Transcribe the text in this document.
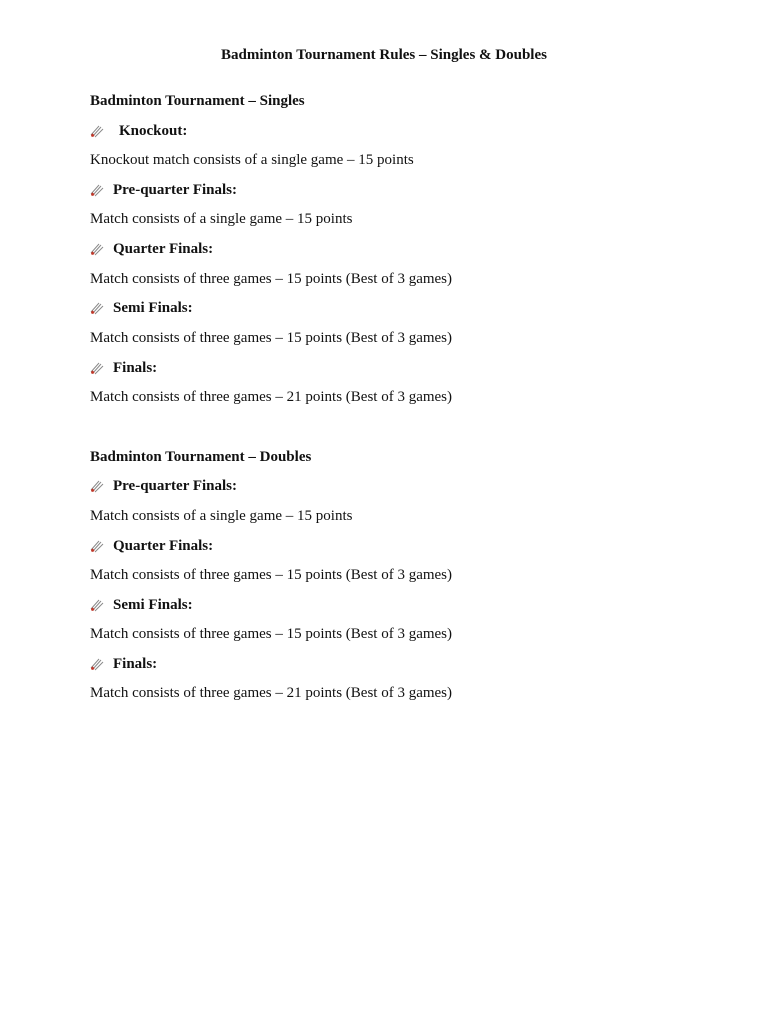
Badminton Tournament Rules – Singles & Doubles
Badminton Tournament – Singles
Knockout:
Knockout match consists of a single game – 15 points
Pre-quarter Finals:
Match consists of a single game – 15 points
Quarter Finals:
Match consists of three games – 15 points (Best of 3 games)
Semi Finals:
Match consists of three games – 15 points (Best of 3 games)
Finals:
Match consists of three games – 21 points (Best of 3 games)
Badminton Tournament – Doubles
Pre-quarter Finals:
Match consists of a single game – 15 points
Quarter Finals:
Match consists of three games – 15 points (Best of 3 games)
Semi Finals:
Match consists of three games – 15 points (Best of 3 games)
Finals:
Match consists of three games – 21 points (Best of 3 games)
